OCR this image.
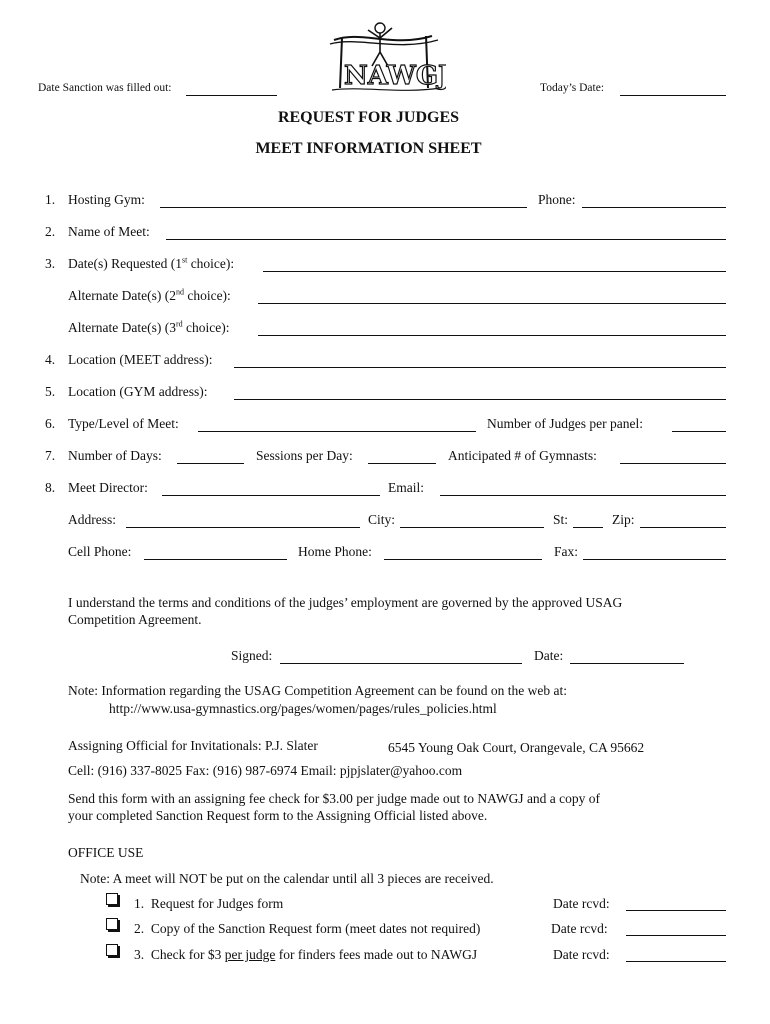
NAWGJ
Date Sanction was filled out:	Today’s Date:
REQUEST FOR JUDGES
MEET INFORMATION SHEET
1. Hosting Gym:	Phone:
2. Name of Meet:
3. Date(s) Requested (1st choice):
Alternate Date(s) (2nd choice):
Alternate Date(s) (3rd choice):
4. Location (MEET address):
5. Location (GYM address):
6. Type/Level of Meet:	Number of Judges per panel:
7. Number of Days:	Sessions per Day:	Anticipated # of Gymnasts:
8. Meet Director:	Email:
Address:	City:	St:	Zip:
Cell Phone:	Home Phone:	Fax:
I understand the terms and conditions of the judges’ employment are governed by the approved USAG
Competition Agreement.
Signed:	Date:
Note: Information regarding the USAG Competition Agreement can be found on the web at:
http://www.usa-gymnastics.org/pages/women/pages/rules_policies.html
Assigning Official for Invitationals: P.J. Slater	6545 Young Oak Court, Orangevale, CA 95662
Cell: (916) 337-8025 Fax: (916) 987-6974 Email: pjpjslater@yahoo.com
Send this form with an assigning fee check for $3.00 per judge made out to NAWGJ and a copy of
your completed Sanction Request form to the Assigning Official listed above.
OFFICE USE
Note: A meet will NOT be put on the calendar until all 3 pieces are received.
1. Request for Judges form	Date rcvd:
2. Copy of the Sanction Request form (meet dates not required)	Date rcvd:
3. Check for $3 per judge for finders fees made out to NAWGJ	Date rcvd:
